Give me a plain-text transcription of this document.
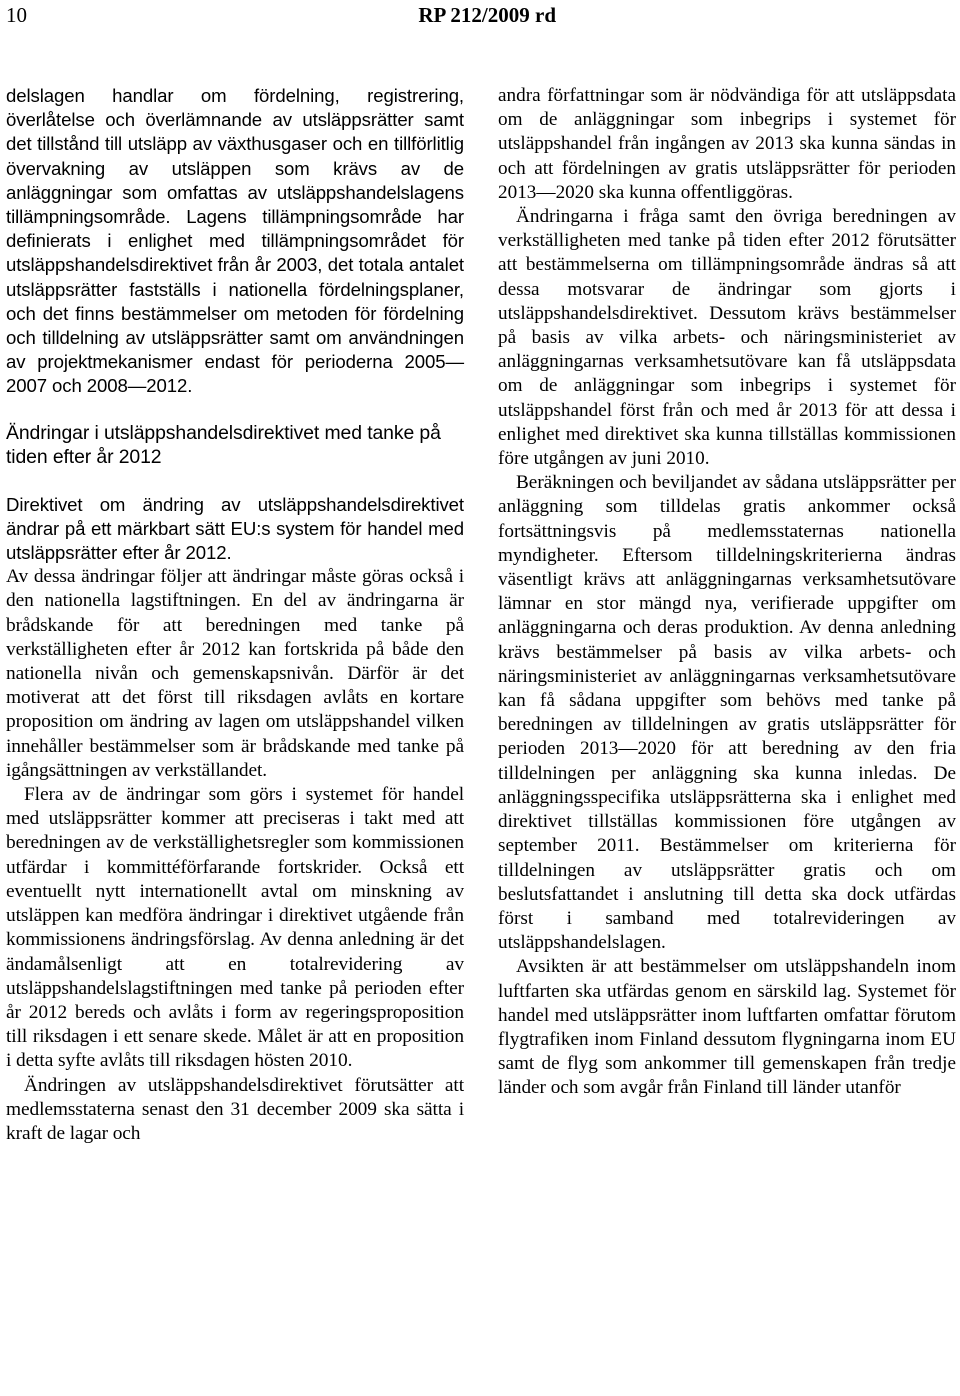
10	RP 212/2009 rd

delslagen handlar om fördelning, registrering, överlåtelse och överlämnande av utsläppsrätter samt det tillstånd till utsläpp av växthusgaser och en tillförlitlig övervakning av utsläppen som krävs av de anläggningar som omfattas av utsläppshandelslagens tillämpningsområde. Lagens tillämpningsområde har definierats i enlighet med tillämpningsområdet för utsläppshandelsdirektivet från år 2003, det totala antalet utsläppsrätter fastställs i nationella fördelningsplaner, och det finns bestämmelser om metoden för fördelning och tilldelning av utsläppsrätter samt om användningen av projektmekanismer endast för perioderna 2005—2007 och 2008—2012.

Ändringar i utsläppshandelsdirektivet med tanke på tiden efter år 2012

Direktivet om ändring av utsläppshandelsdirektivet ändrar på ett märkbart sätt EU:s system för handel med utsläppsrätter efter år 2012.

Av dessa ändringar följer att ändringar måste göras också i den nationella lagstiftningen. En del av ändringarna är brådskande för att beredningen med tanke på verkställigheten efter år 2012 kan fortskrida på både den nationella nivån och gemenskapsnivån. Därför är det motiverat att det först till riksdagen avlåts en kortare proposition om ändring av lagen om utsläppshandel vilken innehåller bestämmelser som är brådskande med tanke på igångsättningen av verkställandet.

Flera av de ändringar som görs i systemet för handel med utsläppsrätter kommer att preciseras i takt med att beredningen av de verkställighetsregler som kommissionen utfärdar i kommittéförfarande fortskrider. Också ett eventuellt nytt internationellt avtal om minskning av utsläppen kan medföra ändringar i direktivet utgående från kommissionens ändringsförslag. Av denna anledning är det ändamålsenligt att en totalrevidering av utsläppshandelslagstiftningen med tanke på perioden efter år 2012 bereds och avlåts i form av regeringsproposition till riksdagen i ett senare skede. Målet är att en proposition i detta syfte avlåts till riksdagen hösten 2010.

Ändringen av utsläppshandelsdirektivet förutsätter att medlemsstaterna senast den 31 december 2009 ska sätta i kraft de lagar och

andra författningar som är nödvändiga för att utsläppsdata om de anläggningar som inbegrips i systemet för utsläppshandel från ingången av 2013 ska kunna sändas in och att fördelningen av gratis utsläppsrätter för perioden 2013—2020 ska kunna offentliggöras.

Ändringarna i fråga samt den övriga beredningen av verkställigheten med tanke på tiden efter 2012 förutsätter att bestämmelserna om tillämpningsområde ändras så att dessa motsvarar de ändringar som gjorts i utsläppshandelsdirektivet. Dessutom krävs bestämmelser på basis av vilka arbets- och näringsministeriet av anläggningarnas verksamhetsutövare kan få utsläppsdata om de anläggningar som inbegrips i systemet för utsläppshandel först från och med år 2013 för att dessa i enlighet med direktivet ska kunna tillställas kommissionen före utgången av juni 2010.

Beräkningen och beviljandet av sådana utsläppsrätter per anläggning som tilldelas gratis ankommer också fortsättningsvis på medlemsstaternas nationella myndigheter. Eftersom tilldelningskriterierna ändras väsentligt krävs att anläggningarnas verksamhetsutövare lämnar en stor mängd nya, verifierade uppgifter om anläggningarna och deras produktion. Av denna anledning krävs bestämmelser på basis av vilka arbets- och näringsministeriet av anläggningarnas verksamhetsutövare kan få sådana uppgifter som behövs med tanke på beredningen av tilldelningen av gratis utsläppsrätter för perioden 2013—2020 för att beredning av den fria tilldelningen per anläggning ska kunna inledas. De anläggningsspecifika utsläppsrätterna ska i enlighet med direktivet tillställas kommissionen före utgången av september 2011. Bestämmelser om kriterierna för tilldelningen av utsläppsrätter gratis och om beslutsfattandet i anslutning till detta ska dock utfärdas först i samband med totalrevideringen av utsläppshandelslagen.

Avsikten är att bestämmelser om utsläppshandeln inom luftfarten ska utfärdas genom en särskild lag. Systemet för handel med utsläppsrätter inom luftfarten omfattar förutom flygtrafiken inom Finland dessutom flygningarna inom EU samt de flyg som ankommer till gemenskapen från tredje länder och som avgår från Finland till länder utanför
